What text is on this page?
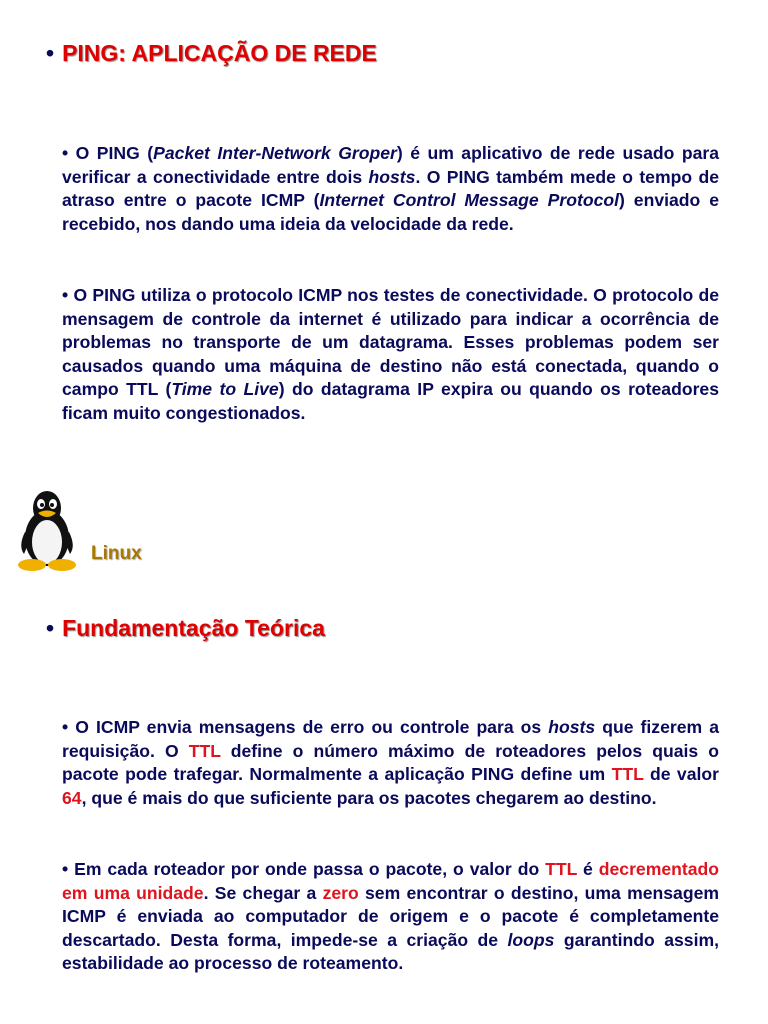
• PING: APLICAÇÃO DE REDE

• O PING (Packet Inter-Network Groper) é um aplicativo de rede usado para verificar a conectividade entre dois hosts. O PING também mede o tempo de atraso entre o pacote ICMP (Internet Control Message Protocol) enviado e recebido, nos dando uma ideia da velocidade da rede.

• O PING utiliza o protocolo ICMP nos testes de conectividade. O protocolo de mensagem de controle da internet é utilizado para indicar a ocorrência de problemas no transporte de um datagrama. Esses problemas podem ser causados quando uma máquina de destino não está conectada, quando o campo TTL (Time to Live) do datagrama IP expira ou quando os roteadores ficam muito congestionados.

Linux
• Fundamentação Teórica

• O ICMP envia mensagens de erro ou controle para os hosts que fizerem a requisição. O TTL define o número máximo de roteadores pelos quais o pacote pode trafegar. Normalmente a aplicação PING define um TTL de valor 64, que é mais do que suficiente para os pacotes chegarem ao destino.

• Em cada roteador por onde passa o pacote, o valor do TTL é decrementado em uma unidade. Se chegar a zero sem encontrar o destino, uma mensagem ICMP é enviada ao computador de origem e o pacote é completamente descartado. Desta forma, impede-se a criação de loops garantindo assim, estabilidade ao processo de roteamento.
